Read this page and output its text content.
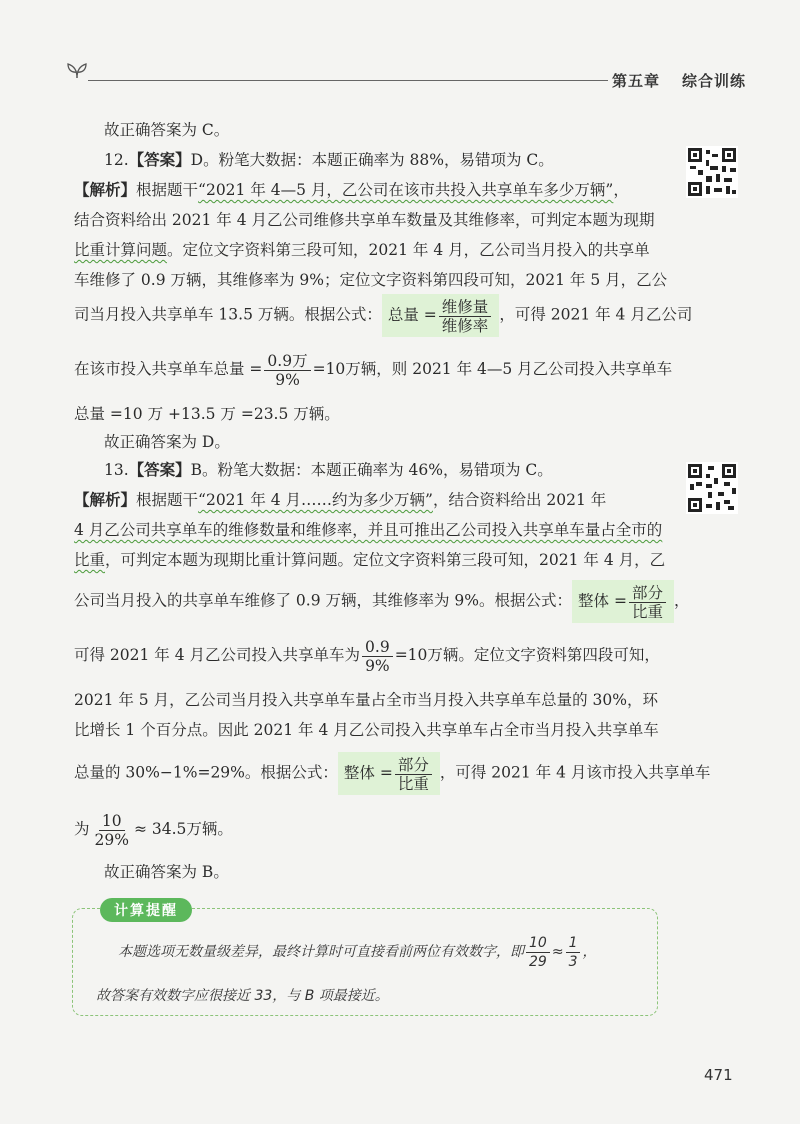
第五章 综合训练
故正确答案为 C。
12.【答案】D。粉笔大数据：本题正确率为 88%，易错项为 C。
【解析】根据题干“2021 年 4—5 月，乙公司在该市共投入共享单车多少万辆”，
结合资料给出 2021 年 4 月乙公司维修共享单车数量及其维修率，可判定本题为现期
比重计算问题。定位文字资料第三段可知，2021 年 4 月，乙公司当月投入的共享单
车维修了 0.9 万辆，其维修率为 9%；定位文字资料第四段可知，2021 年 5 月，乙公
司当月投入共享单车 13.5 万辆。根据公式： 总量 = $\frac{\text{维修量}}{\text{维修率}}$ ，可得 2021 年 4 月乙公司
在该市投入共享单车总量 = $\frac{\text{0.9万}}{9\%} =10$万辆，则 2021 年 4—5 月乙公司投入共享单车
总量 =10 万 +13.5 万 =23.5 万辆。
故正确答案为 D。
13.【答案】B。粉笔大数据：本题正确率为 46%，易错项为 C。
【解析】根据题干“2021 年 4 月……约为多少万辆”，结合资料给出 2021 年
4 月乙公司共享单车的维修数量和维修率，并且可推出乙公司投入共享单车量占全市的
比重，可判定本题为现期比重计算问题。定位文字资料第三段可知，2021 年 4 月，乙
公司当月投入的共享单车维修了 0.9 万辆，其维修率为 9%。根据公式： 整体 = $\frac{\text{部分}}{\text{比重}}$ ，
可得 2021 年 4 月乙公司投入共享单车为 $\frac{0.9}{9\%} =10$万辆。定位文字资料第四段可知，
2021 年 5 月，乙公司当月投入共享单车量占全市当月投入共享单车总量的 30%，环
比增长 1 个百分点。因此 2021 年 4 月乙公司投入共享单车占全市当月投入共享单车
总量的 30%−1%=29%。根据公式： 整体 = $\frac{\text{部分}}{\text{比重}}$ ，可得 2021 年 4 月该市投入共享单车
为 $\frac{10}{29\%} \approx 34.5$万辆。
故正确答案为 B。
计算提醒
本题选项无数量级差异，最终计算时可直接看前两位有效数字，即 $\frac{10}{29} \approx \frac{1}{3}$ ，
故答案有效数字应很接近 33，与 B 项最接近。
471
